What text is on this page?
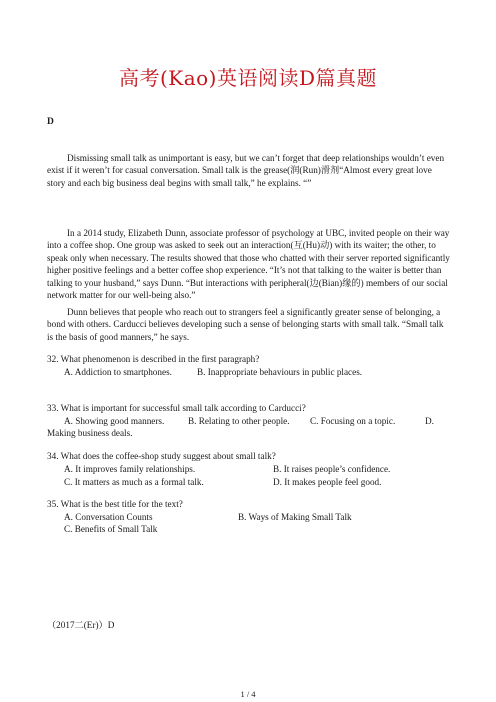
高考(Kao)英语阅读D篇真题
D

Dismissing small talk as unimportant is easy, but we can’t forget that deep relationships wouldn’t even exist if it weren’t for casual conversation. Small talk is the grease(润(Run)滑剂“Almost every great love story and each big business deal begins with small talk,” he explains. “”

In a 2014 study, Elizabeth Dunn, associate professor of psychology at UBC, invited people on their way into a coffee shop. One group was asked to seek out an interaction(互(Hu)动) with its waiter; the other, to speak only when necessary. The results showed that those who chatted with their server reported significantly higher positive feelings and a better coffee shop experience. “It’s not that talking to the waiter is better than talking to your husband,” says Dunn. “But interactions with peripheral(边(Bian)缘的) members of our social network matter for our well-being also.”

Dunn believes that people who reach out to strangers feel a significantly greater sense of belonging, a bond with others. Carducci believes developing such a sense of belonging starts with small talk. “Small talk is the basis of good manners,” he says.

32. What phenomenon is described in the first paragraph?
A. Addiction to smartphones.	B. Inappropriate behaviours in public places.
33. What is important for successful small talk according to Carducci?
A. Showing good manners.	B. Relating to other people. C. Focusing on a topic.	D.
Making business deals.
34. What does the coffee-shop study suggest about small talk?
A. It improves family relationships.	B. It raises people’s confidence.
C. It matters as much as a formal talk.	D. It makes people feel good.
35. What is the best title for the text?
A. Conversation Counts	B. Ways of Making Small Talk
C. Benefits of Small Talk
（2017二(Er)）D
1 / 4
